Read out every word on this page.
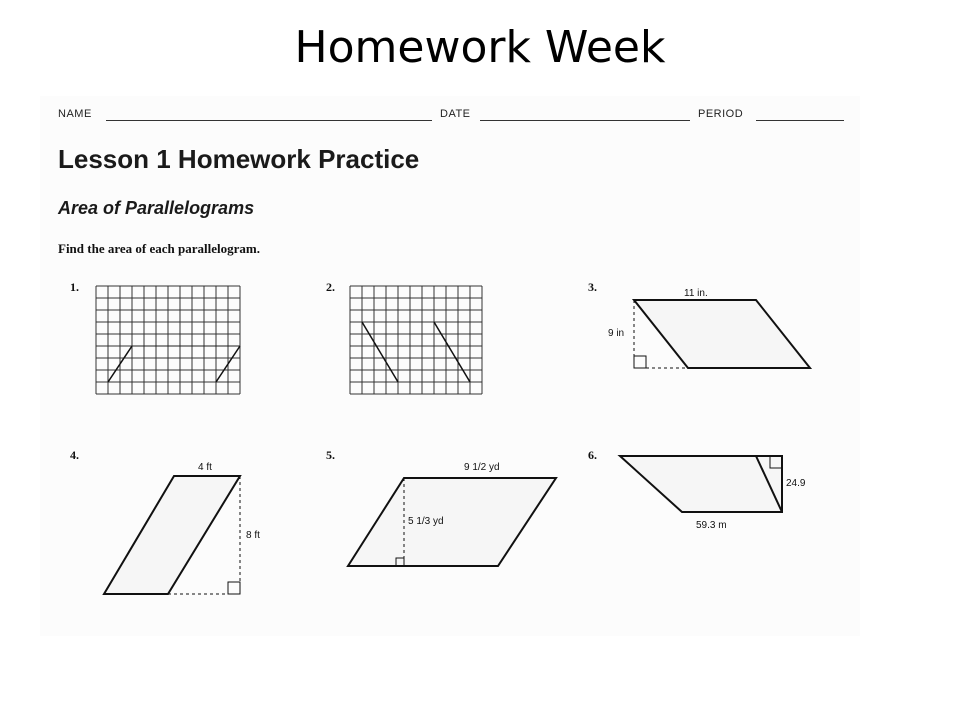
Homework Week
NAME	DATE	PERIOD
Lesson 1 Homework Practice
Area of Parallelograms
Find the area of each parallelogram.
1.	2.	3.	11 in.
9 in
4.
4 ft
8 ft
5.
9 1/2 yd
5 1/3 yd
6.
24.9
59.3 m
